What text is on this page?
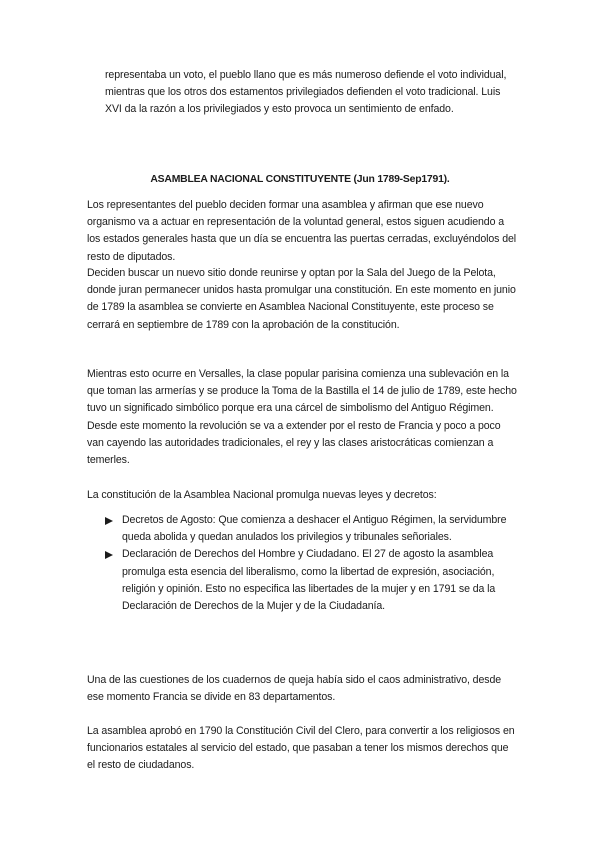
representaba un voto, el pueblo llano que es más numeroso defiende el voto individual, mientras que los otros dos estamentos privilegiados defienden el voto tradicional. Luis XVI da la razón a los privilegiados y esto provoca un sentimiento de enfado.

ASAMBLEA NACIONAL CONSTITUYENTE (Jun 1789-Sep1791).

Los representantes del pueblo deciden formar una asamblea y afirman que ese nuevo organismo va a actuar en representación de la voluntad general, estos siguen acudiendo a los estados generales hasta que un día se encuentra las puertas cerradas, excluyéndolos del resto de diputados.

Deciden buscar un nuevo sitio donde reunirse y optan por la Sala del Juego de la Pelota, donde juran permanecer unidos hasta promulgar una constitución. En este momento en junio de 1789 la asamblea se convierte en Asamblea Nacional Constituyente, este proceso se cerrará en septiembre de 1789 con la aprobación de la constitución.

Mientras esto ocurre en Versalles, la clase popular parisina comienza una sublevación en la que toman las armerías y se produce la Toma de la Bastilla el 14 de julio de 1789, este hecho tuvo un significado simbólico porque era una cárcel de simbolismo del Antiguo Régimen. Desde este momento la revolución se va a extender por el resto de Francia y poco a poco van cayendo las autoridades tradicionales, el rey y las clases aristocráticas comienzan a temerles.

La constitución de la Asamblea Nacional promulga nuevas leyes y decretos:

Decretos de Agosto: Que comienza a deshacer el Antiguo Régimen, la servidumbre queda abolida y quedan anulados los privilegios y tribunales señoriales.
Declaración de Derechos del Hombre y Ciudadano. El 27 de agosto la asamblea promulga esta esencia del liberalismo, como la libertad de expresión, asociación, religión y opinión. Esto no especifica las libertades de la mujer y en 1791 se da la Declaración de Derechos de la Mujer y de la Ciudadanía.

Una de las cuestiones de los cuadernos de queja había sido el caos administrativo, desde ese momento Francia se divide en 83 departamentos.

La asamblea aprobó en 1790 la Constitución Civil del Clero, para convertir a los religiosos en funcionarios estatales al servicio del estado, que pasaban a tener los mismos derechos que el resto de ciudadanos.
